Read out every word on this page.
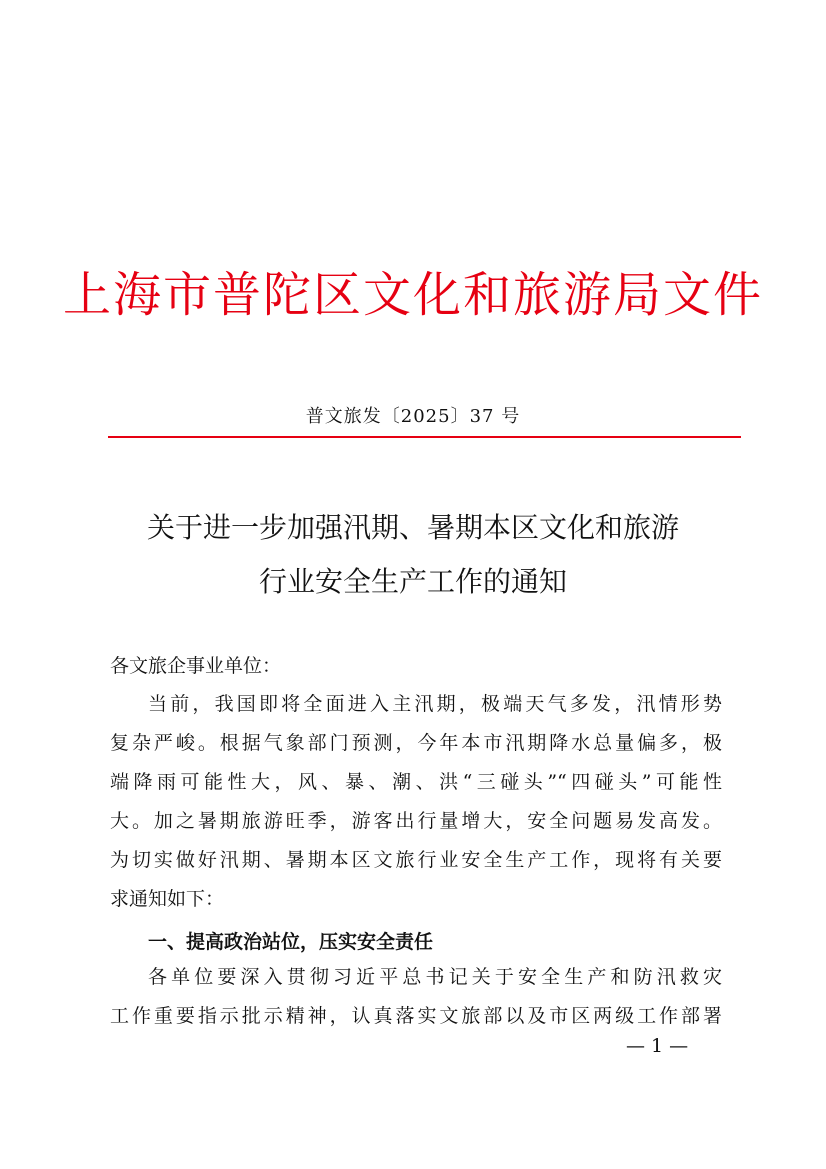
上海市普陀区文化和旅游局文件
普文旅发〔2025〕37 号
关于进一步加强汛期、暑期本区文化和旅游
行业安全生产工作的通知
各文旅企事业单位：
当前，我国即将全面进入主汛期，极端天气多发，汛情形势
复杂严峻。根据气象部门预测，今年本市汛期降水总量偏多，极
端降雨可能性大，风、暴、潮、洪“三碰头”“四碰头”可能性
大。加之暑期旅游旺季，游客出行量增大，安全问题易发高发。
为切实做好汛期、暑期本区文旅行业安全生产工作，现将有关要
求通知如下：
一、提高政治站位，压实安全责任
各单位要深入贯彻习近平总书记关于安全生产和防汛救灾
工作重要指示批示精神，认真落实文旅部以及市区两级工作部署
— 1 —
